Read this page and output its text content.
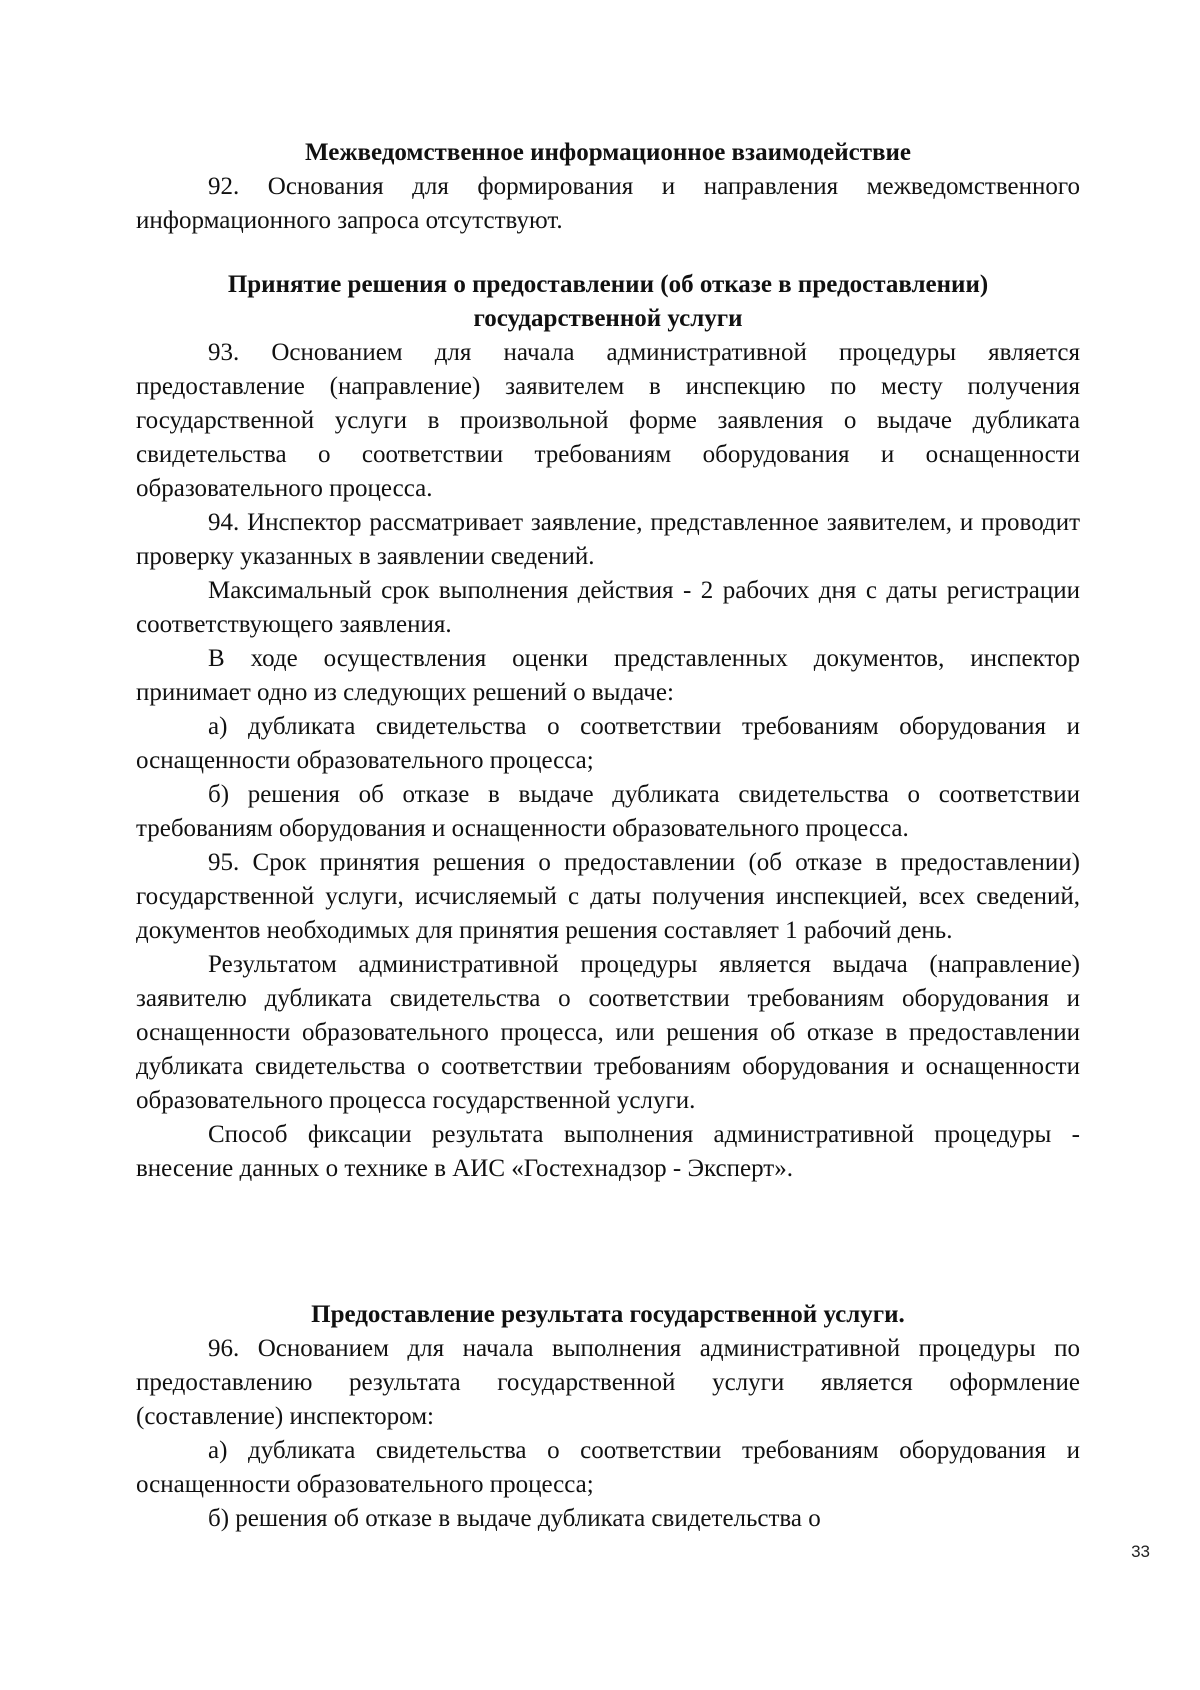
Межведомственное информационное взаимодействие

92. Основания для формирования и направления межведомственного информационного запроса отсутствуют.

Принятие решения о предоставлении (об отказе в предоставлении) государственной услуги

93. Основанием для начала административной процедуры является предоставление (направление) заявителем в инспекцию по месту получения государственной услуги в произвольной форме заявления о выдаче дубликата свидетельства о соответствии требованиям оборудования и оснащенности образовательного процесса.

94. Инспектор рассматривает заявление, представленное заявителем, и проводит проверку указанных в заявлении сведений.

Максимальный срок выполнения действия - 2 рабочих дня с даты регистрации соответствующего заявления.

В ходе осуществления оценки представленных документов, инспектор принимает одно из следующих решений о выдаче:

а) дубликата свидетельства о соответствии требованиям оборудования и оснащенности образовательного процесса;

б) решения об отказе в выдаче дубликата свидетельства о соответствии требованиям оборудования и оснащенности образовательного процесса.

95. Срок принятия решения о предоставлении (об отказе в предоставлении) государственной услуги, исчисляемый с даты получения инспекцией, всех сведений, документов необходимых для принятия решения составляет 1 рабочий день.

Результатом административной процедуры является выдача (направление) заявителю дубликата свидетельства о соответствии требованиям оборудования и оснащенности образовательного процесса, или решения об отказе в предоставлении дубликата свидетельства о соответствии требованиям оборудования и оснащенности образовательного процесса государственной услуги.

Способ фиксации результата выполнения административной процедуры - внесение данных о технике в АИС «Гостехнадзор - Эксперт».

Предоставление результата государственной услуги.

96. Основанием для начала выполнения административной процедуры по предоставлению результата государственной услуги является оформление (составление) инспектором:

а) дубликата свидетельства о соответствии требованиям оборудования и оснащенности образовательного процесса;

б) решения об отказе в выдаче дубликата свидетельства о

33
